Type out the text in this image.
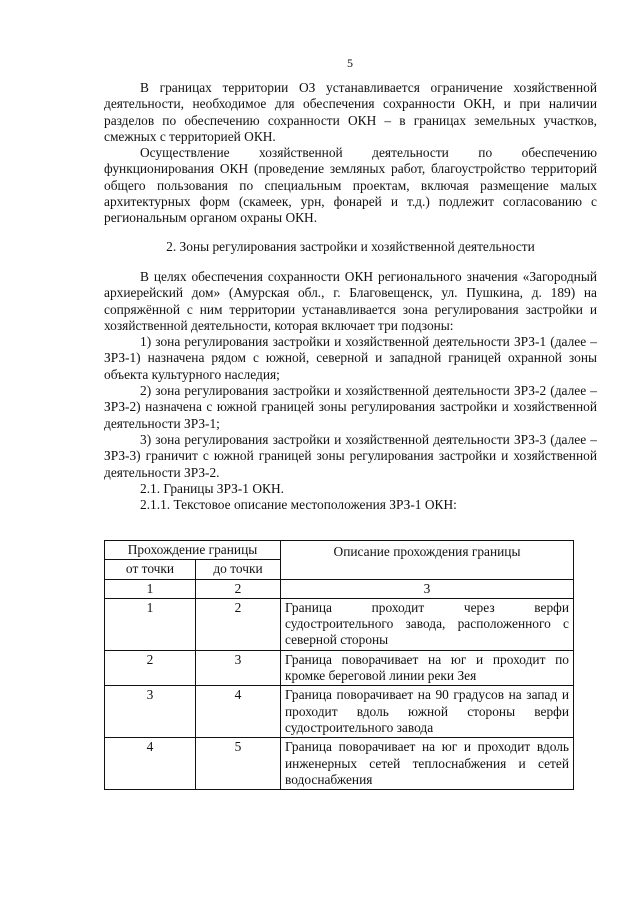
5

В границах территории ОЗ устанавливается ограничение хозяйственной деятельности, необходимое для обеспечения сохранности ОКН, и при наличии разделов по обеспечению сохранности ОКН – в границах земельных участков, смежных с территорией ОКН.

Осуществление хозяйственной деятельности по обеспечению функционирования ОКН (проведение земляных работ, благоустройство территорий общего пользования по специальным проектам, включая размещение малых архитектурных форм (скамеек, урн, фонарей и т.д.) подлежит согласованию с региональным органом охраны ОКН.

2. Зоны регулирования застройки и хозяйственной деятельности

В целях обеспечения сохранности ОКН регионального значения «Загородный архиерейский дом» (Амурская обл., г. Благовещенск, ул. Пушкина, д. 189) на сопряжённой с ним территории устанавливается зона регулирования застройки и хозяйственной деятельности, которая включает три подзоны:

1) зона регулирования застройки и хозяйственной деятельности ЗРЗ-1 (далее – ЗРЗ-1) назначена рядом с южной, северной и западной границей охранной зоны объекта культурного наследия;

2) зона регулирования застройки и хозяйственной деятельности ЗРЗ-2 (далее – ЗРЗ-2) назначена с южной границей зоны регулирования застройки и хозяйственной деятельности ЗРЗ-1;

3) зона регулирования застройки и хозяйственной деятельности ЗРЗ-3 (далее – ЗРЗ-3) граничит с южной границей зоны регулирования застройки и хозяйственной деятельности ЗРЗ-2.

2.1. Границы ЗРЗ-1 ОКН.

2.1.1. Текстовое описание местоположения ЗРЗ-1 ОКН:

Прохождение границы		Описание прохождения границы
от точки	до точки	
1	2	3
1	2	Граница проходит через верфи судостроительного завода, расположенного с северной стороны
2	3	Граница поворачивает на юг и проходит по кромке береговой линии реки Зея
3	4	Граница поворачивает на 90 градусов на запад и проходит вдоль южной стороны верфи судостроительного завода
4	5	Граница поворачивает на юг и проходит вдоль инженерных сетей теплоснабжения и сетей водоснабжения
